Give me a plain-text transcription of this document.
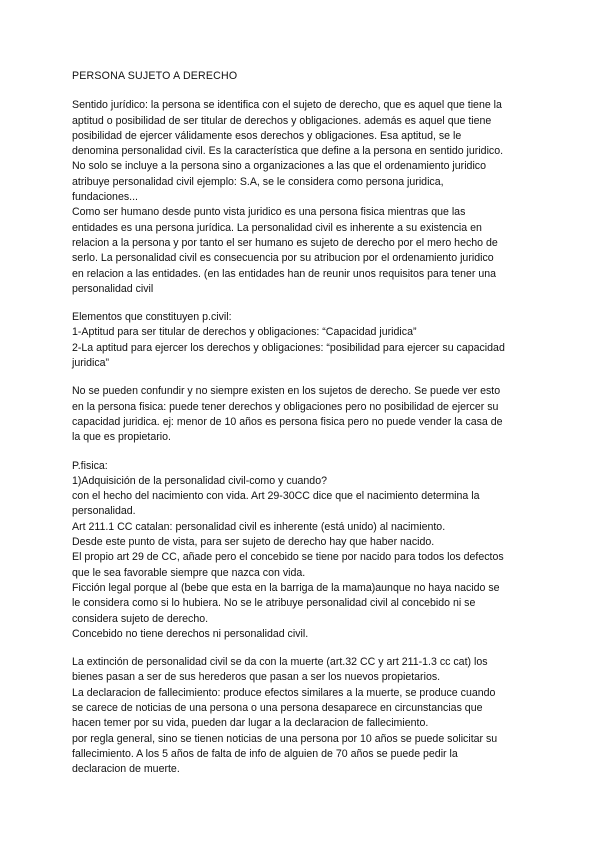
PERSONA SUJETO A DERECHO
Sentido jurídico: la persona se identifica con el sujeto de derecho, que es aquel que tiene la
aptitud o posibilidad de ser titular de derechos y obligaciones. además es aquel que tiene
posibilidad de ejercer válidamente esos derechos y obligaciones. Esa aptitud, se le
denomina personalidad civil. Es la característica que define a la persona en sentido juridico.
No solo se incluye a la persona sino a organizaciones a las que el ordenamiento juridico
atribuye personalidad civil ejemplo: S.A, se le considera como persona juridica,
fundaciones...
Como ser humano desde punto vista juridico es una persona fisica mientras que las
entidades es una persona jurídica. La personalidad civil es inherente a su existencia en
relacion a la persona y por tanto el ser humano es sujeto de derecho por el mero hecho de
serlo. La personalidad civil es consecuencia por su atribucion por el ordenamiento juridico
en relacion a las entidades. (en las entidades han de reunir unos requisitos para tener una
personalidad civil
Elementos que constituyen p.civil:
1-Aptitud para ser titular de derechos y obligaciones: “Capacidad juridica”
2-La aptitud para ejercer los derechos y obligaciones: “posibilidad para ejercer su capacidad
juridica”
No se pueden confundir y no siempre existen en los sujetos de derecho. Se puede ver esto
en la persona fisica: puede tener derechos y obligaciones pero no posibilidad de ejercer su
capacidad juridica. ej: menor de 10 años es persona fisica pero no puede vender la casa de
la que es propietario.
P.fisica:
1)Adquisición de la personalidad civil-como y cuando?
con el hecho del nacimiento con vida. Art 29-30CC dice que el nacimiento determina la
personalidad.
Art 211.1 CC catalan: personalidad civil es inherente (está unido) al nacimiento.
Desde este punto de vista, para ser sujeto de derecho hay que haber nacido.
El propio art 29 de CC, añade pero el concebido se tiene por nacido para todos los defectos
que le sea favorable siempre que nazca con vida.
Ficción legal porque al (bebe que esta en la barriga de la mama)aunque no haya nacido se
le considera como si lo hubiera. No se le atribuye personalidad civil al concebido ni se
considera sujeto de derecho.
Concebido no tiene derechos ni personalidad civil.
La extinción de personalidad civil se da con la muerte (art.32 CC y art 211-1.3 cc cat) los
bienes pasan a ser de sus herederos que pasan a ser los nuevos propietarios.
La declaracion de fallecimiento: produce efectos similares a la muerte, se produce cuando
se carece de noticias de una persona o una persona desaparece en circunstancias que
hacen temer por su vida, pueden dar lugar a la declaracion de fallecimiento.
por regla general, sino se tienen noticias de una persona por 10 años se puede solicitar su
fallecimiento. A los 5 años de falta de info de alguien de 70 años se puede pedir la
declaracion de muerte.
